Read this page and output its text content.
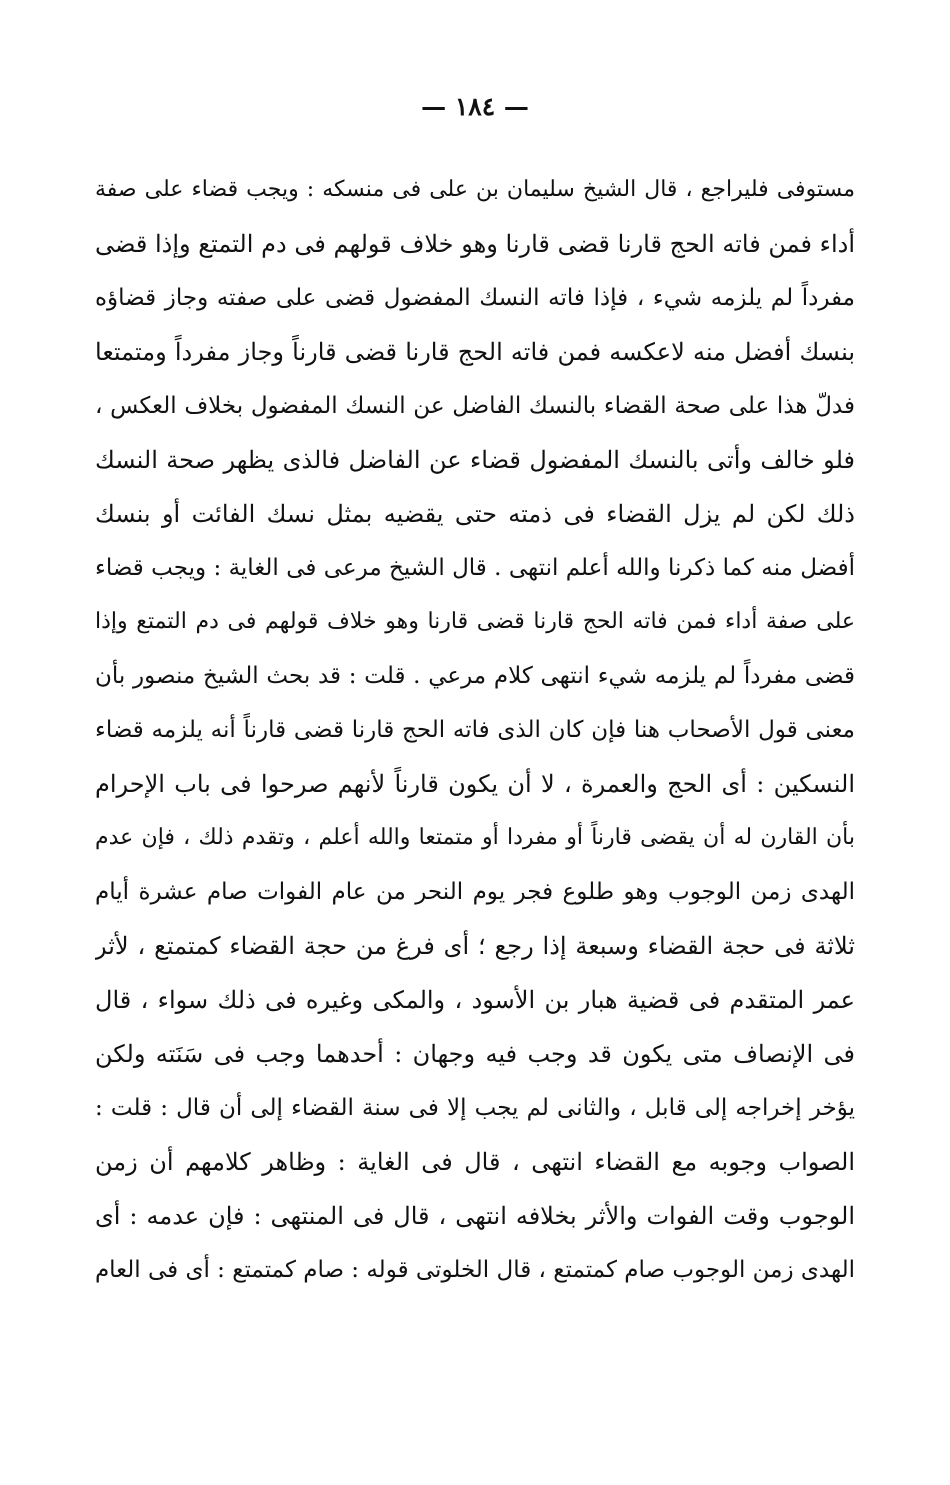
— ١٨٤ —
مستوفى فليراجع ، قال الشيخ سليمان بن على فى منسكه : ويجب قضاء على صفة
أداء فمن فاته الحج قارنا قضى قارنا وهو خلاف قولهم فى دم التمتع وإذا قضى
مفرداً لم يلزمه شيء ، فإذا فاته النسك المفضول قضى على صفته وجاز قضاؤه
بنسك أفضل منه لاعكسه فمن فاته الحج قارنا قضى قارناً وجاز مفرداً ومتمتعا
فدلّ هذا على صحة القضاء بالنسك الفاضل عن النسك المفضول بخلاف العكس ،
فلو خالف وأتى بالنسك المفضول قضاء عن الفاضل فالذى يظهر صحة النسك
ذلك لكن لم يزل القضاء فى ذمته حتى يقضيه بمثل نسك الفائت أو بنسك
أفضل منه كما ذكرنا والله أعلم انتهى . قال الشيخ مرعى فى الغاية : ويجب قضاء
على صفة أداء فمن فاته الحج قارنا قضى قارنا وهو خلاف قولهم فى دم التمتع وإذا
قضى مفرداً لم يلزمه شيء انتهى كلام مرعي . قلت : قد بحث الشيخ منصور بأن
معنى قول الأصحاب هنا فإن كان الذى فاته الحج قارنا قضى قارناً أنه يلزمه قضاء
النسكين : أى الحج والعمرة ، لا أن يكون قارناً لأنهم صرحوا فى باب الإحرام
بأن القارن له أن يقضى قارناً أو مفردا أو متمتعا والله أعلم ، وتقدم ذلك ، فإن عدم
الهدى زمن الوجوب وهو طلوع فجر يوم النحر من عام الفوات صام عشرة أيام
ثلاثة فى حجة القضاء وسبعة إذا رجع ؛ أى فرغ من حجة القضاء كمتمتع ، لأثر
عمر المتقدم فى قضية هبار بن الأسود ، والمكى وغيره فى ذلك سواء ، قال
فى الإنصاف متى يكون قد وجب فيه وجهان : أحدهما وجب فى سَنَته ولكن
يؤخر إخراجه إلى قابل ، والثانى لم يجب إلا فى سنة القضاء إلى أن قال : قلت :
الصواب وجوبه مع القضاء انتهى ، قال فى الغاية : وظاهر كلامهم أن زمن
الوجوب وقت الفوات والأثر بخلافه انتهى ، قال فى المنتهى : فإن عدمه : أى
الهدى زمن الوجوب صام كمتمتع ، قال الخلوتى قوله : صام كمتمتع : أى فى العام
